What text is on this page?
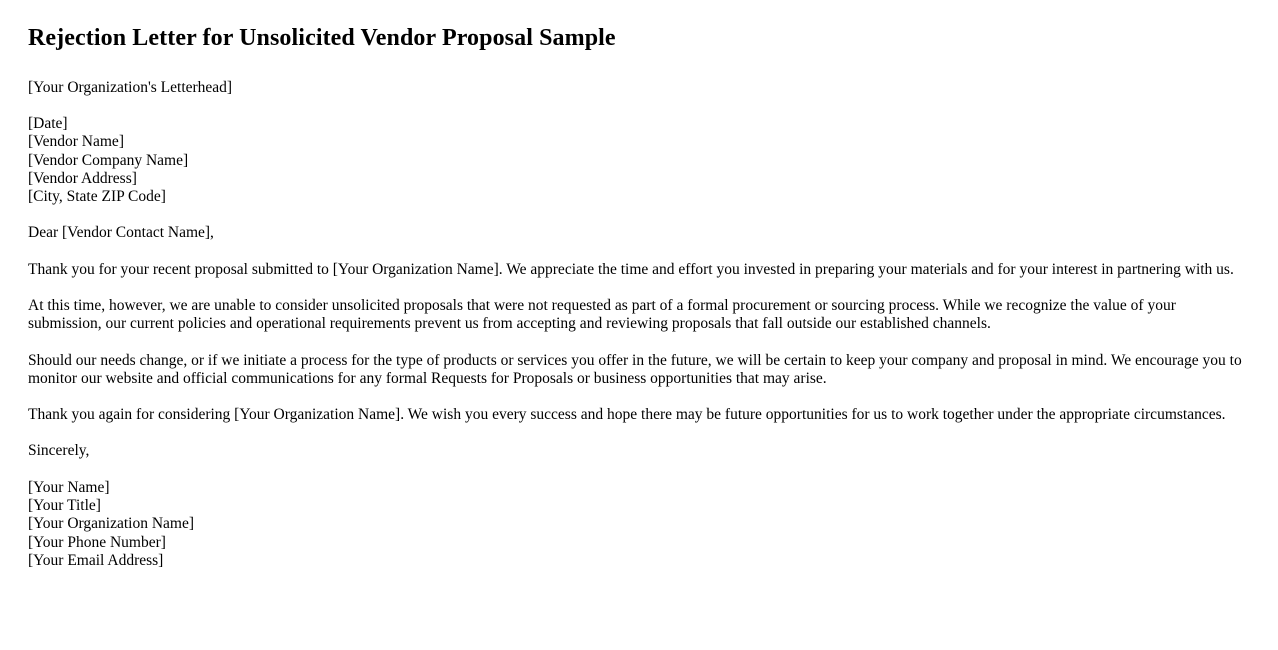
Rejection Letter for Unsolicited Vendor Proposal Sample

[Your Organization's Letterhead]

[Date]
[Vendor Name]
[Vendor Company Name]
[Vendor Address]
[City, State ZIP Code]

Dear [Vendor Contact Name],

Thank you for your recent proposal submitted to [Your Organization Name]. We appreciate the time and effort you invested in preparing your materials and for your interest in partnering with us.

At this time, however, we are unable to consider unsolicited proposals that were not requested as part of a formal procurement or sourcing process. While we recognize the value of your submission, our current policies and operational requirements prevent us from accepting and reviewing proposals that fall outside our established channels.

Should our needs change, or if we initiate a process for the type of products or services you offer in the future, we will be certain to keep your company and proposal in mind. We encourage you to monitor our website and official communications for any formal Requests for Proposals or business opportunities that may arise.

Thank you again for considering [Your Organization Name]. We wish you every success and hope there may be future opportunities for us to work together under the appropriate circumstances.

Sincerely,

[Your Name]
[Your Title]
[Your Organization Name]
[Your Phone Number]
[Your Email Address]
